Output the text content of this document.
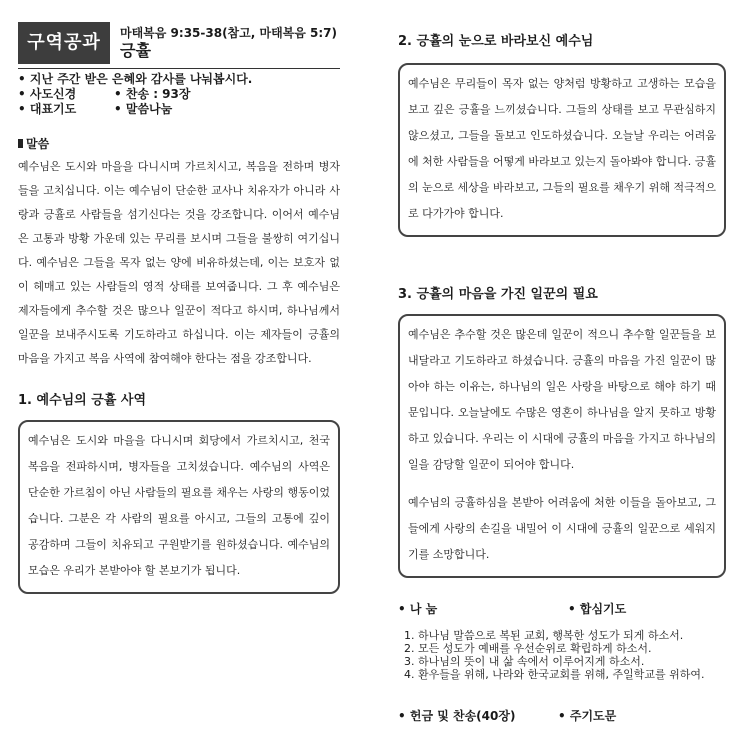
구역공과	마태복음 9:35-38(참고, 마태복음 5:7)
긍휼
• 지난 주간 받은 은혜와 감사를 나눠봅시다.
• 사도신경	• 찬송 : 93장
• 대표기도	• 말씀나눔
말씀
예수님은 도시와 마을을 다니시며 가르치시고, 복음을 전하며 병자들을 고치십니다. 이는 예수님이 단순한 교사나 치유자가 아니라 사랑과 긍휼로 사람들을 섬기신다는 것을 강조합니다. 이어서 예수님은 고통과 방황 가운데 있는 무리를 보시며 그들을 불쌍히 여기십니다. 예수님은 그들을 목자 없는 양에 비유하셨는데, 이는 보호자 없이 헤매고 있는 사람들의 영적 상태를 보여줍니다. 그 후 예수님은 제자들에게 추수할 것은 많으나 일꾼이 적다고 하시며, 하나님께서 일꾼을 보내주시도록 기도하라고 하십니다. 이는 제자들이 긍휼의 마음을 가지고 복음 사역에 참여해야 한다는 점을 강조합니다.
1. 예수님의 긍휼 사역

예수님은 도시와 마을을 다니시며 회당에서 가르치시고, 천국 복음을 전파하시며, 병자들을 고치셨습니다. 예수님의 사역은 단순한 가르침이 아닌 사람들의 필요를 채우는 사랑의 행동이었습니다. 그분은 각 사람의 필요를 아시고, 그들의 고통에 깊이 공감하며 그들이 치유되고 구원받기를 원하셨습니다. 예수님의 모습은 우리가 본받아야 할 본보기가 됩니다.

2. 긍휼의 눈으로 바라보신 예수님

예수님은 무리들이 목자 없는 양처럼 방황하고 고생하는 모습을 보고 깊은 긍휼을 느끼셨습니다. 그들의 상태를 보고 무관심하지 않으셨고, 그들을 돌보고 인도하셨습니다. 오늘날 우리는 어려움에 처한 사람들을 어떻게 바라보고 있는지 돌아봐야 합니다. 긍휼의 눈으로 세상을 바라보고, 그들의 필요를 채우기 위해 적극적으로 다가가야 합니다.

3. 긍휼의 마음을 가진 일꾼의 필요

예수님은 추수할 것은 많은데 일꾼이 적으니 추수할 일꾼들을 보내달라고 기도하라고 하셨습니다. 긍휼의 마음을 가진 일꾼이 많아야 하는 이유는, 하나님의 일은 사랑을 바탕으로 해야 하기 때문입니다. 오늘날에도 수많은 영혼이 하나님을 알지 못하고 방황하고 있습니다. 우리는 이 시대에 긍휼의 마음을 가지고 하나님의 일을 감당할 일꾼이 되어야 합니다.

예수님의 긍휼하심을 본받아 어려움에 처한 이들을 돌아보고, 그들에게 사랑의 손길을 내밀어 이 시대에 긍휼의 일꾼으로 세워지기를 소망합니다.

• 나 눔	• 합심기도
1. 하나님 말씀으로 복된 교회, 행복한 성도가 되게 하소서.
2. 모든 성도가 예배를 우선순위로 확립하게 하소서.
3. 하나님의 뜻이 내 삶 속에서 이루어지게 하소서.
4. 환우들을 위해, 나라와 한국교회를 위해, 주일학교를 위하여.
• 헌금 및 찬송(40장)	• 주기도문
